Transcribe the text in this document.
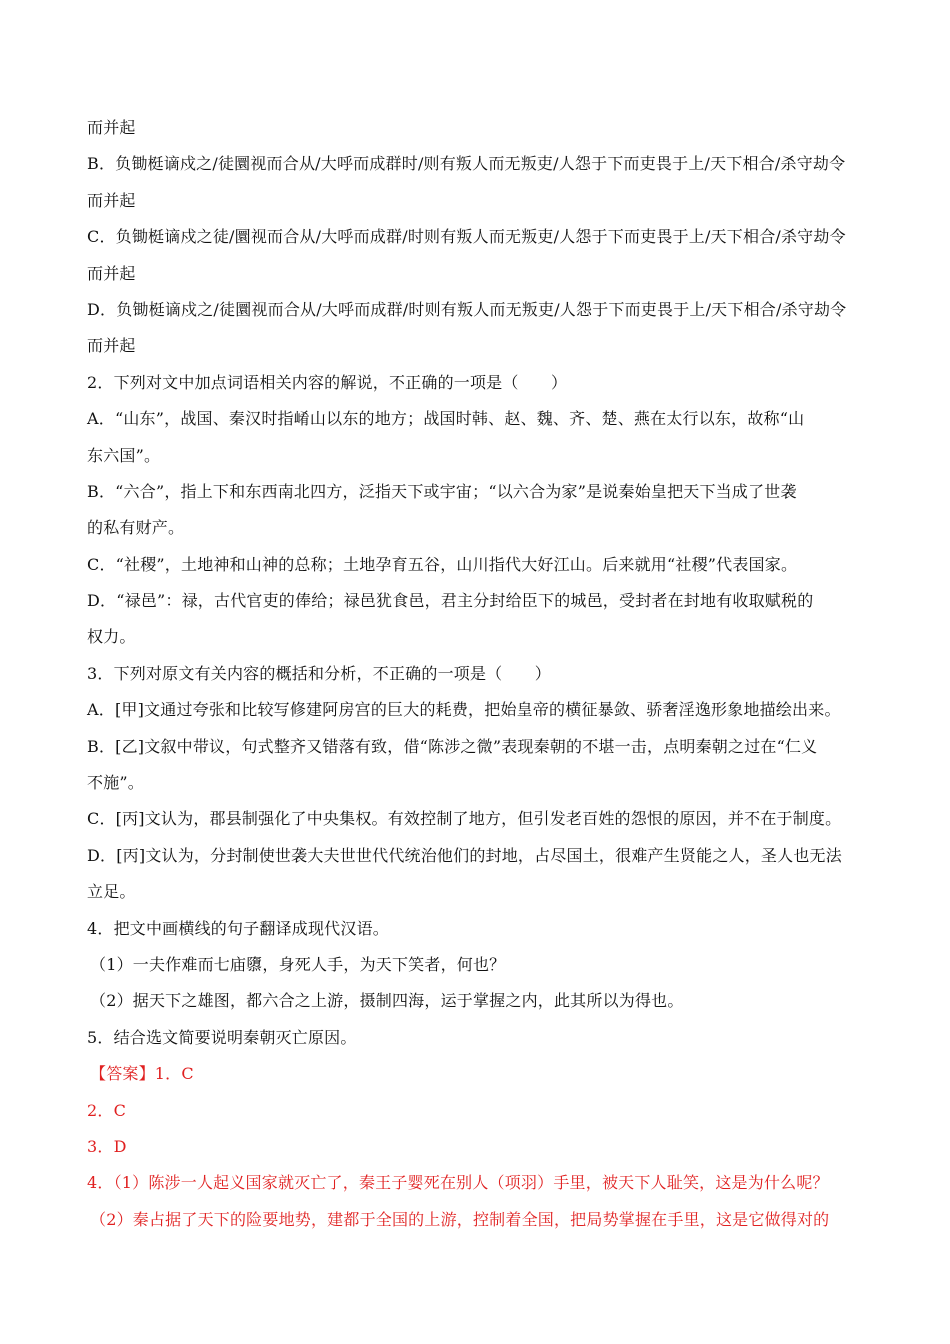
而并起
B．负锄梃谪戍之/徒圜视而合从/大呼而成群时/则有叛人而无叛吏/人怨于下而吏畏于上/天下相合/杀守劫令
而并起
C．负锄梃谪戍之徒/圜视而合从/大呼而成群/时则有叛人而无叛吏/人怨于下而吏畏于上/天下相合/杀守劫令
而并起
D．负锄梃谪戍之/徒圜视而合从/大呼而成群/时则有叛人而无叛吏/人怨于下而吏畏于上/天下相合/杀守劫令
而并起
2．下列对文中加点词语相关内容的解说，不正确的一项是（　　）
A．“山东”，战国、秦汉时指崤山以东的地方；战国时韩、赵、魏、齐、楚、燕在太行以东，故称“山
东六国”。
B．“六合”，指上下和东西南北四方，泛指天下或宇宙；“以六合为家”是说秦始皇把天下当成了世袭
的私有财产。
C．“社稷”，土地神和山神的总称；土地孕育五谷，山川指代大好江山。后来就用“社稷”代表国家。
D．“禄邑”：禄，古代官吏的俸给；禄邑犹食邑，君主分封给臣下的城邑，受封者在封地有收取赋税的
权力。
3．下列对原文有关内容的概括和分析，不正确的一项是（　　）
A．[甲]文通过夸张和比较写修建阿房宫的巨大的耗费，把始皇帝的横征暴敛、骄奢淫逸形象地描绘出来。
B．[乙]文叙中带议，句式整齐又错落有致，借“陈涉之微”表现秦朝的不堪一击，点明秦朝之过在“仁义
不施”。
C．[丙]文认为，郡县制强化了中央集权。有效控制了地方，但引发老百姓的怨恨的原因，并不在于制度。
D．[丙]文认为，分封制使世袭大夫世世代代统治他们的封地，占尽国土，很难产生贤能之人，圣人也无法
立足。
4．把文中画横线的句子翻译成现代汉语。
（1）一夫作难而七庙隳，身死人手，为天下笑者，何也？
（2）据天下之雄图，都六合之上游，摄制四海，运于掌握之内，此其所以为得也。
5．结合选文简要说明秦朝灭亡原因。
【答案】1．C
2．C
3．D
4．（1）陈涉一人起义国家就灭亡了，秦王子婴死在别人（项羽）手里，被天下人耻笑，这是为什么呢？
（2）秦占据了天下的险要地势，建都于全国的上游，控制着全国，把局势掌握在手里，这是它做得对的
